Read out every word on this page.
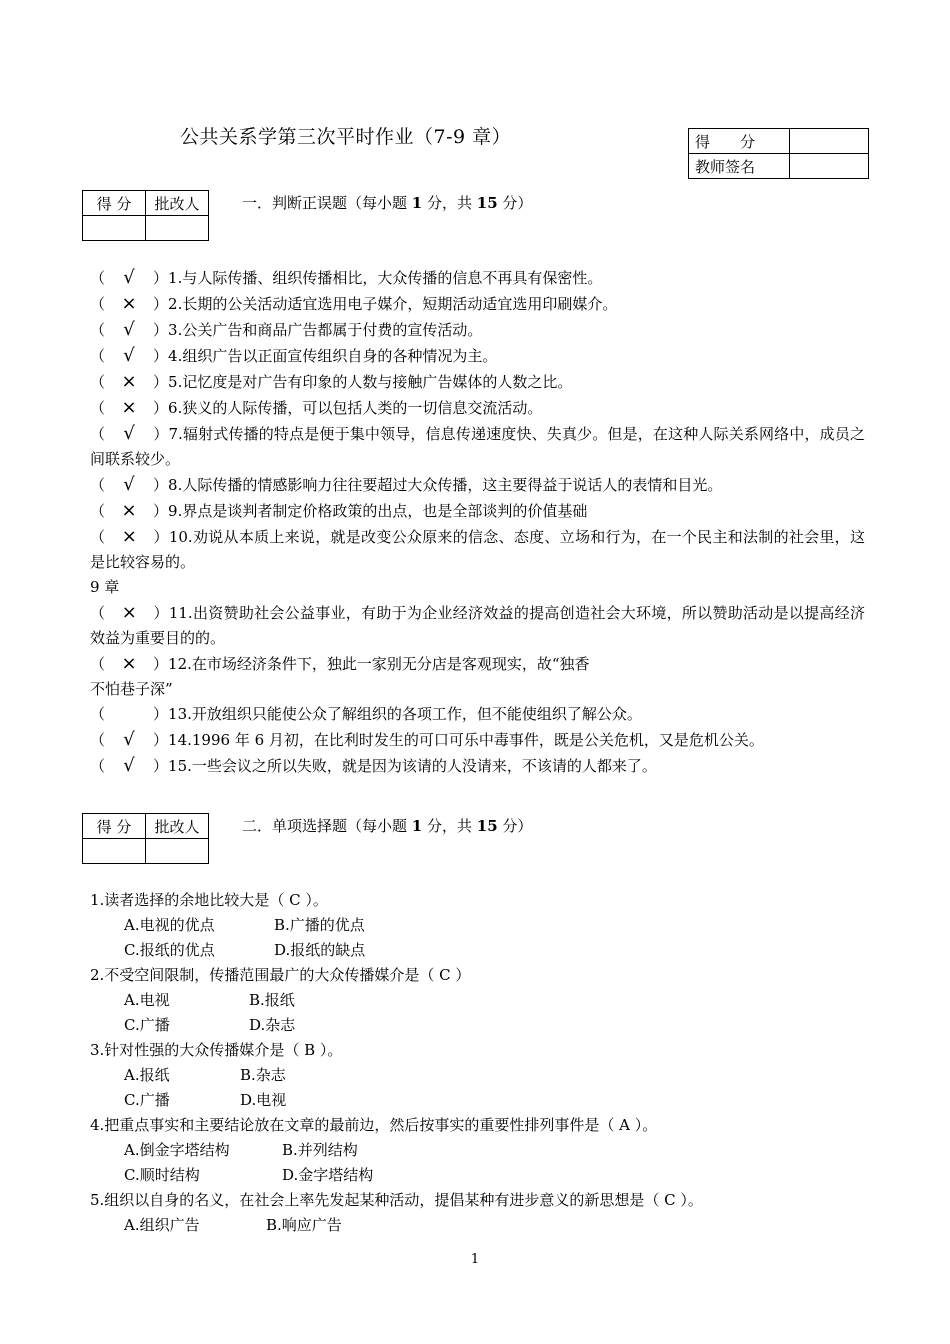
公共关系学第三次平时作业（7-9 章）	得　　分	
教师签名	
得 分	批改人
		一．判断正误题（每小题 1 分，共 15 分）
（ √ ）1.与人际传播、组织传播相比，大众传播的信息不再具有保密性。
（ × ）2.长期的公关活动适宜选用电子媒介，短期活动适宜选用印刷媒介。
（ √ ）3.公关广告和商品广告都属于付费的宣传活动。
（ √ ）4.组织广告以正面宣传组织自身的各种情况为主。
（ × ）5.记忆度是对广告有印象的人数与接触广告媒体的人数之比。
（ × ）6.狭义的人际传播，可以包括人类的一切信息交流活动。
（ √ ）7.辐射式传播的特点是便于集中领导，信息传递速度快、失真少。但是，在这种人际关系网络中，成员之间联系较少。
（ √ ）8.人际传播的情感影响力往往要超过大众传播，这主要得益于说话人的表情和目光。
（ × ）9.界点是谈判者制定价格政策的出点，也是全部谈判的价值基础
（ × ）10.劝说从本质上来说，就是改变公众原来的信念、态度、立场和行为，在一个民主和法制的社会里，这是比较容易的。
9 章
（ × ）11.出资赞助社会公益事业，有助于为企业经济效益的提高创造社会大环境，所以赞助活动是以提高经济效益为重要目的的。
（ × ）12.在市场经济条件下，独此一家别无分店是客观现实，故“独香
不怕巷子深”
（	）13.开放组织只能使公众了解组织的各项工作，但不能使组织了解公众。
（ √ ）14.1996 年 6 月初，在比利时发生的可口可乐中毒事件，既是公关危机，又是危机公关。
（ √ ）15.一些会议之所以失败，就是因为该请的人没请来，不该请的人都来了。
得 分	批改人
		二．单项选择题（每小题 1 分，共 15 分）
1.读者选择的余地比较大是（ C ）。
A.电视的优点	B.广播的优点
C.报纸的优点	D.报纸的缺点
2.不受空间限制，传播范围最广的大众传播媒介是（ C ）
A.电视	B.报纸
C.广播	D.杂志
3.针对性强的大众传播媒介是（ B ）。
A.报纸	B.杂志
C.广播	D.电视
4.把重点事实和主要结论放在文章的最前边，然后按事实的重要性排列事件是（ A ）。
A.倒金字塔结构	B.并列结构
C.顺时结构	D.金字塔结构
5.组织以自身的名义，在社会上率先发起某种活动，提倡某种有进步意义的新思想是（ C ）。
A.组织广告	B.响应广告
1
